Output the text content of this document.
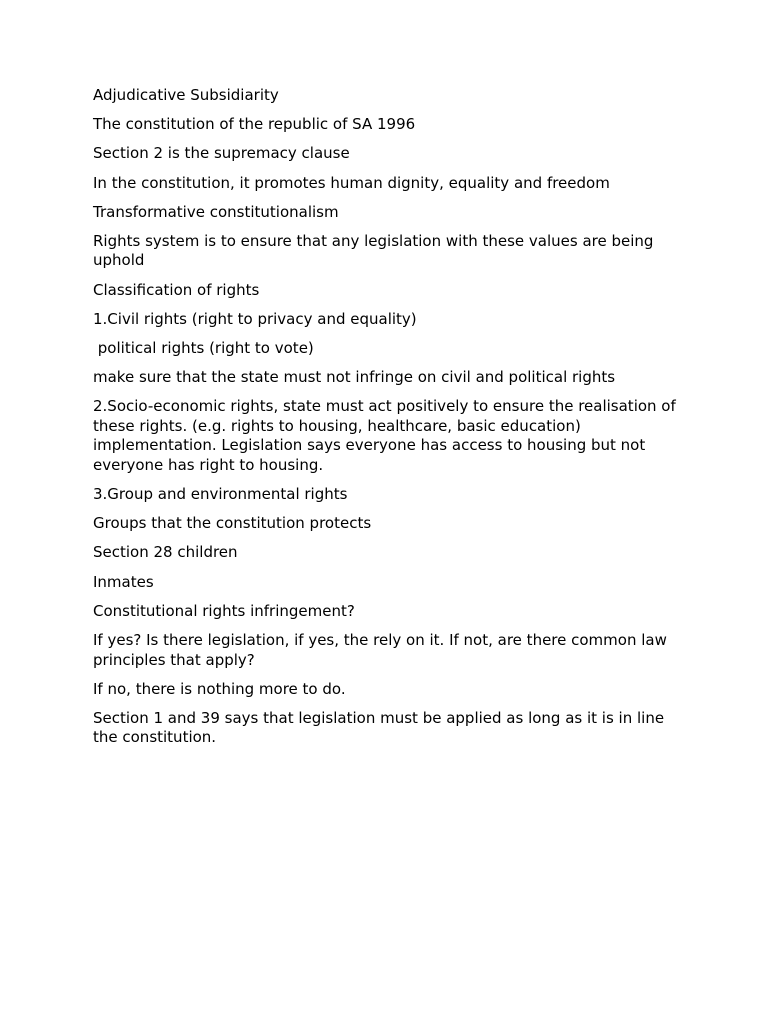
Adjudicative Subsidiarity

The constitution of the republic of SA 1996

Section 2 is the supremacy clause

In the constitution, it promotes human dignity, equality and freedom

Transformative constitutionalism

Rights system is to ensure that any legislation with these values are being uphold

Classification of rights

1.Civil rights (right to privacy and equality)

political rights (right to vote)

make sure that the state must not infringe on civil and political rights

2.Socio-economic rights, state must act positively to ensure the realisation of these rights. (e.g. rights to housing, healthcare, basic education) implementation. Legislation says everyone has access to housing but not everyone has right to housing.

3.Group and environmental rights

Groups that the constitution protects

Section 28 children

Inmates

Constitutional rights infringement?

If yes? Is there legislation, if yes, the rely on it. If not, are there common law principles that apply?

If no, there is nothing more to do.

Section 1 and 39 says that legislation must be applied as long as it is in line the constitution.
